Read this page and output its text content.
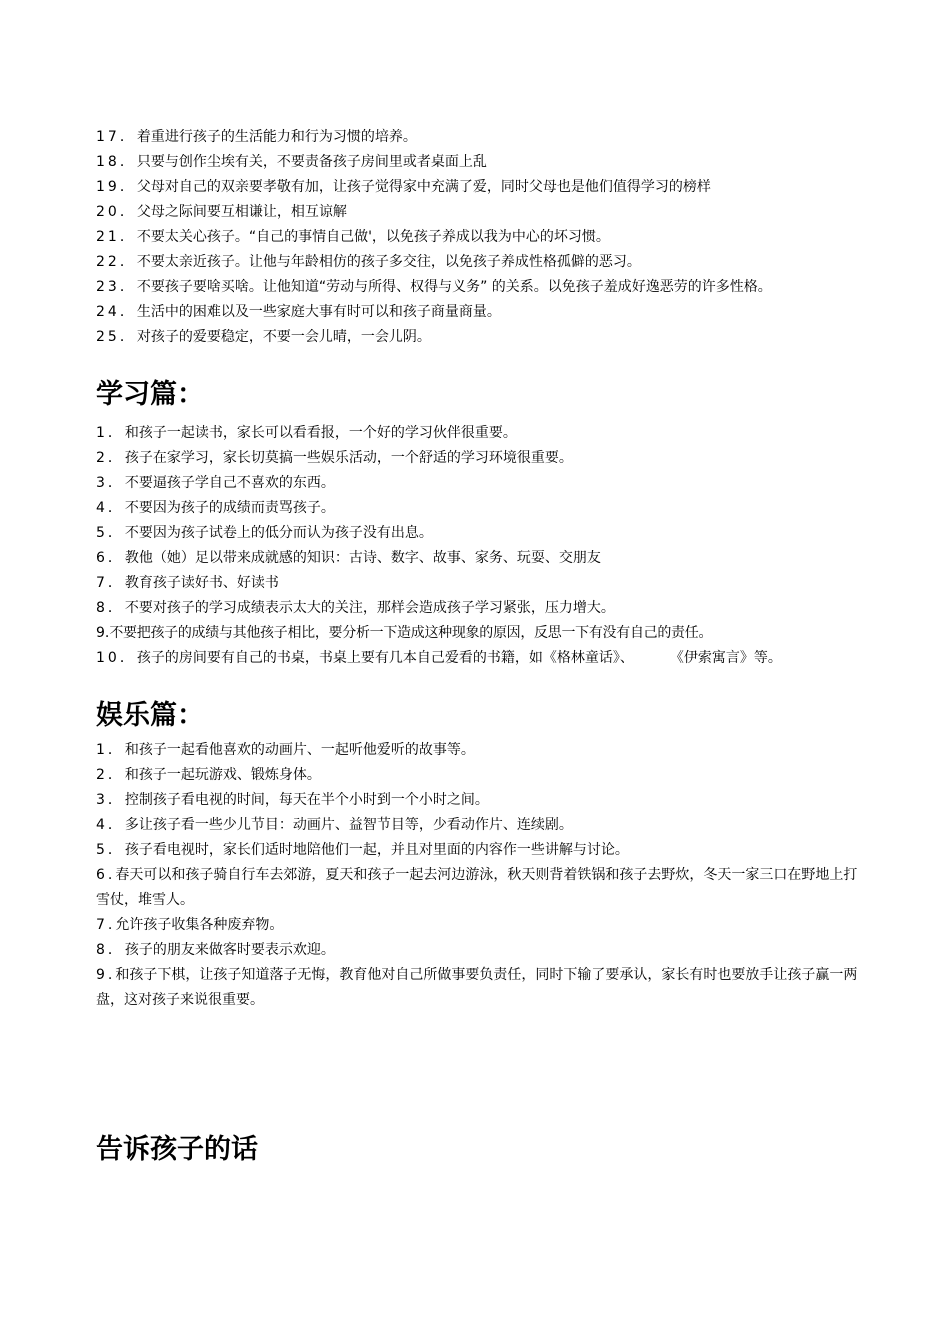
17．着重进行孩子的生活能力和行为习惯的培养。

18．只要与创作尘埃有关，不要责备孩子房间里或者桌面上乱

19．父母对自己的双亲要孝敬有加，让孩子觉得家中充满了爱，同时父母也是他们值得学习的榜样

20．父母之际间要互相谦让，相互谅解

21．不要太关心孩子。“自己的事情自己做'，以免孩子养成以我为中心的坏习惯。

22．不要太亲近孩子。让他与年龄相仿的孩子多交往，以免孩子养成性格孤僻的恶习。

23．不要孩子要啥买啥。让他知道“劳动与所得、权得与义务” 的关系。以免孩子羞成好逸恶劳的许多性格。

24．生活中的困难以及一些家庭大事有时可以和孩子商量商量。

25．对孩子的爱要稳定，不要一会儿晴，一会儿阴。

学习篇：

1．和孩子一起读书，家长可以看看报，一个好的学习伙伴很重要。

2．孩子在家学习，家长切莫搞一些娱乐活动，一个舒适的学习环境很重要。

3．不要逼孩子学自己不喜欢的东西。

4．不要因为孩子的成绩而责骂孩子。

5．不要因为孩子试卷上的低分而认为孩子没有出息。

6．教他（她）足以带来成就感的知识：古诗、数字、故事、家务、玩耍、交朋友

7．教育孩子读好书、好读书

8．不要对孩子的学习成绩表示太大的关注，那样会造成孩子学习紧张，压力增大。

9.不要把孩子的成绩与其他孩子相比，要分析一下造成这种现象的原因，反思一下有没有自己的责任。

10．孩子的房间要有自己的书桌，书桌上要有几本自己爱看的书籍，如《格林童话》、	《伊索寓言》等。

娱乐篇：

1．和孩子一起看他喜欢的动画片、一起听他爱听的故事等。

2．和孩子一起玩游戏、锻炼身体。

3．控制孩子看电视的时间，每天在半个小时到一个小时之间。

4．多让孩子看一些少儿节目：动画片、益智节目等，少看动作片、连续剧。

5．孩子看电视时，家长们适时地陪他们一起，并且对里面的内容作一些讲解与讨论。

6.春天可以和孩子骑自行车去郊游，夏天和孩子一起去河边游泳，秋天则背着铁锅和孩子去野炊，冬天一家三口在野地上打雪仗，堆雪人。

7.允许孩子收集各种废弃物。

8．孩子的朋友来做客时要表示欢迎。

9.和孩子下棋，让孩子知道落子无悔，教育他对自己所做事要负责任，同时下输了要承认，家长有时也要放手让孩子赢一两盘，这对孩子来说很重要。

告诉孩子的话
